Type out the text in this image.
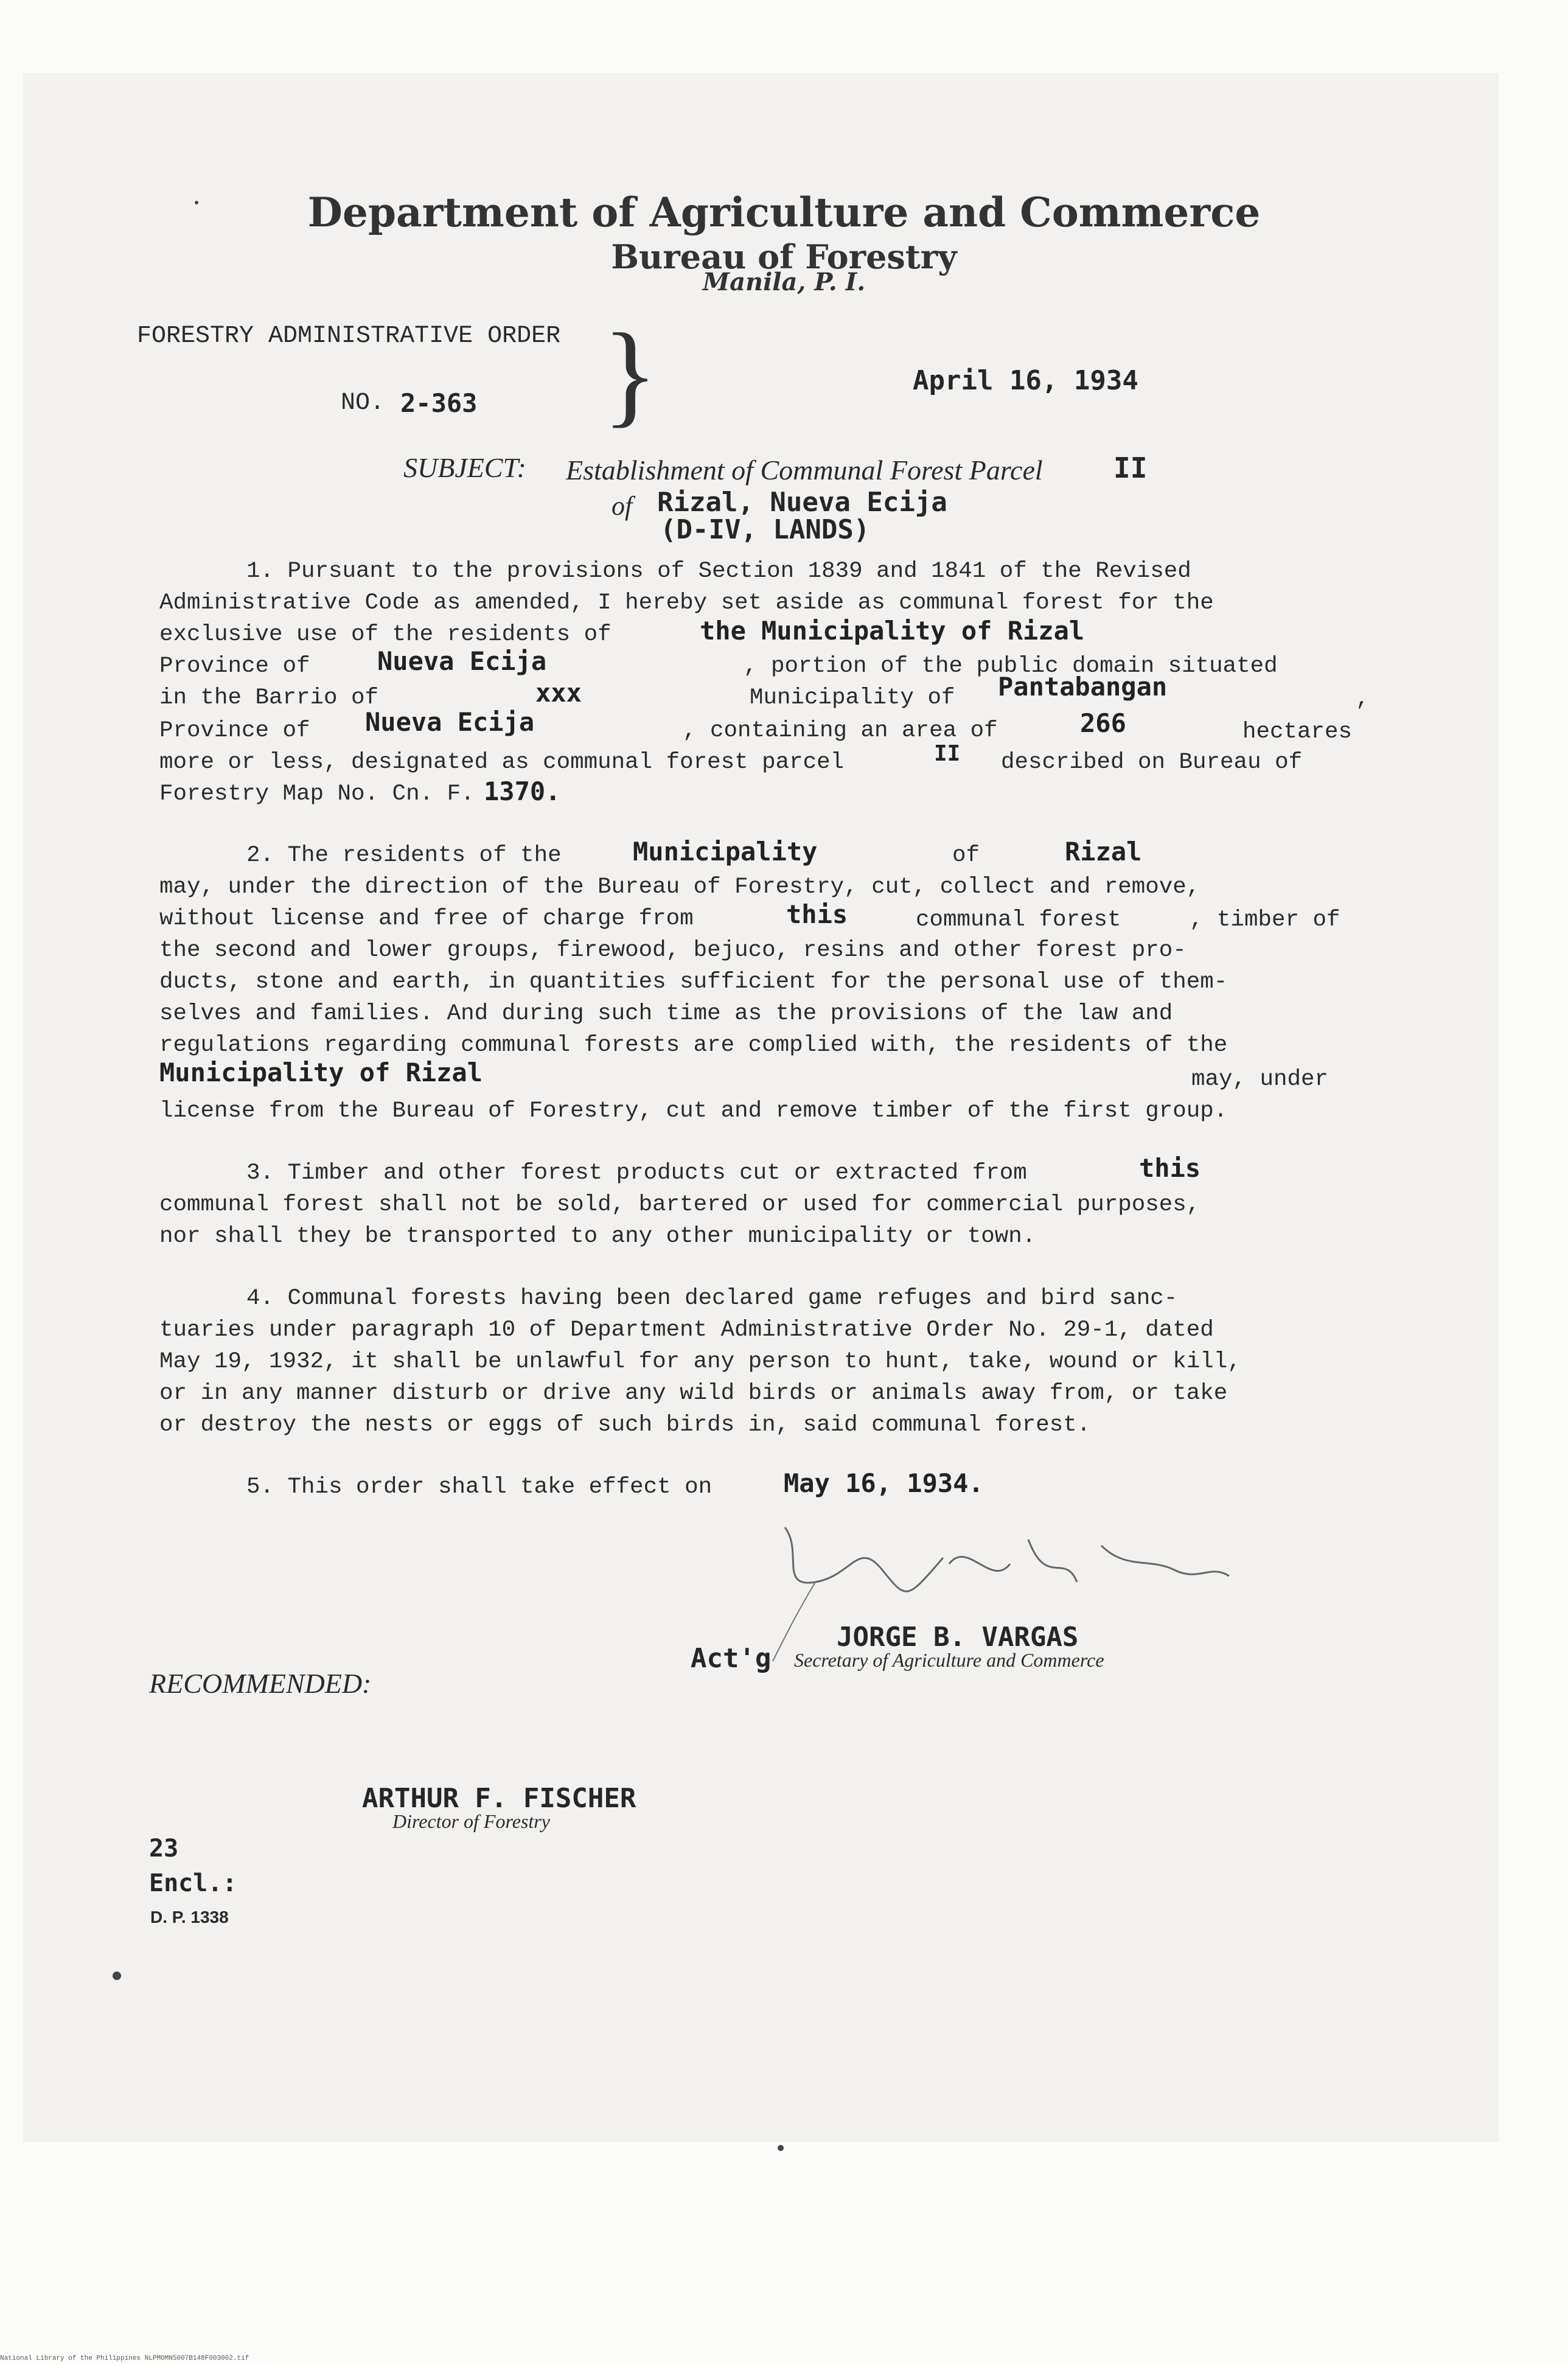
Department of Agriculture and Commerce
Bureau of Forestry
Manila, P. I.
FORESTRY ADMINISTRATIVE ORDER
NO. 2-363 }	April 16, 1934
SUBJECT: Establishment of Communal Forest Parcel	II
of Rizal, Nueva Ecija
(D-IV, LANDS)
1. Pursuant to the provisions of Section 1839 and 1841 of the Revised
Administrative Code as amended, I hereby set aside as communal forest for the
exclusive use of the residents of	the Municipality of Rizal
Province of	Nueva Ecija	, portion of the public domain situated
in the Barrio of	xxx	Municipality of Pantabangan	,
Province of Nueva Ecija	, containing an area of	266	hectares
more or less, designated as communal forest parcel	II described on Bureau of
Forestry Map No. Cn. F. 1370.
2. The residents of the	Municipality	of	Rizal
may, under the direction of the Bureau of Forestry, cut, collect and remove,
without license and free of charge from	this	communal forest	, timber of
the second and lower groups, firewood, bejuco, resins and other forest pro-
ducts, stone and earth, in quantities sufficient for the personal use of them-
selves and families. And during such time as the provisions of the law and
regulations regarding communal forests are complied with, the residents of the
Municipality of Rizal	may, under
license from the Bureau of Forestry, cut and remove timber of the first group.
3. Timber and other forest products cut or extracted from	this
communal forest shall not be sold, bartered or used for commercial purposes,
nor shall they be transported to any other municipality or town.
4. Communal forests having been declared game refuges and bird sanc-
tuaries under paragraph 10 of Department Administrative Order No. 29-1, dated
May 19, 1932, it shall be unlawful for any person to hunt, take, wound or kill,
or in any manner disturb or drive any wild birds or animals away from, or take
or destroy the nests or eggs of such birds in, said communal forest.
5. This order shall take effect on	May 16, 1934.
JORGE B. VARGAS
Act'g Secretary of Agriculture and Commerce
RECOMMENDED:
ARTHUR F. FISCHER
Director of Forestry
23
Encl.:
D. P. 1338
National Library of the Philippines NLPMOMN5007B148F003002.tif
